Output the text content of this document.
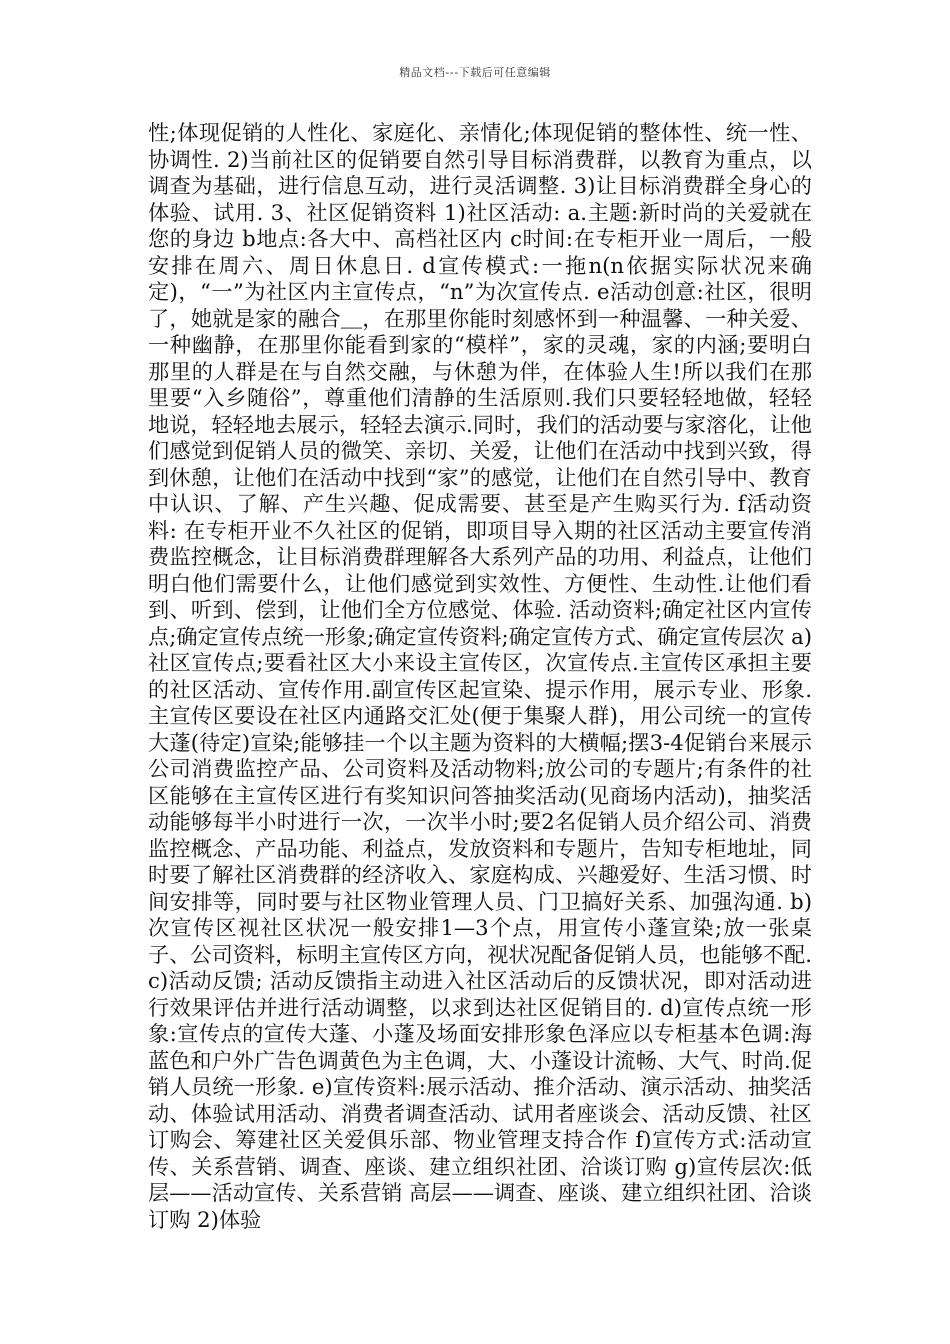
精品文档---下载后可任意编辑

性;体现促销的人性化、家庭化、亲情化;体现促销的整体性、统一性、协调性. 2)当前社区的促销要自然引导目标消费群，以教育为重点，以调查为基础，进行信息互动，进行灵活调整. 3)让目标消费群全身心的体验、试用. 3、社区促销资料 1)社区活动: a.主题:新时尚的关爱就在您的身边 b地点:各大中、高档社区内 c时间:在专柜开业一周后，一般安排在周六、周日休息日. d宣传模式:一拖n(n依据实际状况来确定)，“一”为社区内主宣传点，“n”为次宣传点. e活动创意:社区，很明了，她就是家的融合＿，在那里你能时刻感怀到一种温馨、一种关爱、一种幽静，在那里你能看到家的“模样”，家的灵魂，家的内涵;要明白那里的人群是在与自然交融，与休憩为伴，在体验人生!所以我们在那里要“入乡随俗”，尊重他们清静的生活原则.我们只要轻轻地做，轻轻地说，轻轻地去展示，轻轻去演示.同时，我们的活动要与家溶化，让他们感觉到促销人员的微笑、亲切、关爱，让他们在活动中找到兴致，得到休憩，让他们在活动中找到“家”的感觉，让他们在自然引导中、教育中认识、了解、产生兴趣、促成需要、甚至是产生购买行为. f活动资料: 在专柜开业不久社区的促销，即项目导入期的社区活动主要宣传消费监控概念，让目标消费群理解各大系列产品的功用、利益点，让他们明白他们需要什么，让他们感觉到实效性、方便性、生动性.让他们看到、听到、偿到，让他们全方位感觉、体验. 活动资料;确定社区内宣传点;确定宣传点统一形象;确定宣传资料;确定宣传方式、确定宣传层次 a)社区宣传点;要看社区大小来设主宣传区，次宣传点.主宣传区承担主要的社区活动、宣传作用.副宣传区起宣染、提示作用，展示专业、形象.主宣传区要设在社区内通路交汇处(便于集聚人群)，用公司统一的宣传大蓬(待定)宣染;能够挂一个以主题为资料的大横幅;摆3-4促销台来展示公司消费监控产品、公司资料及活动物料;放公司的专题片;有条件的社区能够在主宣传区进行有奖知识问答抽奖活动(见商场内活动)，抽奖活动能够每半小时进行一次，一次半小时;要2名促销人员介绍公司、消费监控概念、产品功能、利益点，发放资料和专题片，告知专柜地址，同时要了解社区消费群的经济收入、家庭构成、兴趣爱好、生活习惯、时间安排等，同时要与社区物业管理人员、门卫搞好关系、加强沟通. b)次宣传区视社区状况一般安排1—3个点，用宣传小蓬宣染;放一张桌子、公司资料，标明主宣传区方向，视状况配备促销人员，也能够不配. c)活动反馈; 活动反馈指主动进入社区活动后的反馈状况，即对活动进行效果评估并进行活动调整，以求到达社区促销目的. d)宣传点统一形象:宣传点的宣传大蓬、小蓬及场面安排形象色泽应以专柜基本色调:海蓝色和户外广告色调黄色为主色调，大、小蓬设计流畅、大气、时尚.促销人员统一形象. e)宣传资料:展示活动、推介活动、演示活动、抽奖活动、体验试用活动、消费者调查活动、试用者座谈会、活动反馈、社区订购会、筹建社区关爱俱乐部、物业管理支持合作 f)宣传方式:活动宣传、关系营销、调查、座谈、建立组织社团、洽谈订购 g)宣传层次:低层——活动宣传、关系营销 高层——调查、座谈、建立组织社团、洽谈订购 2)体验
